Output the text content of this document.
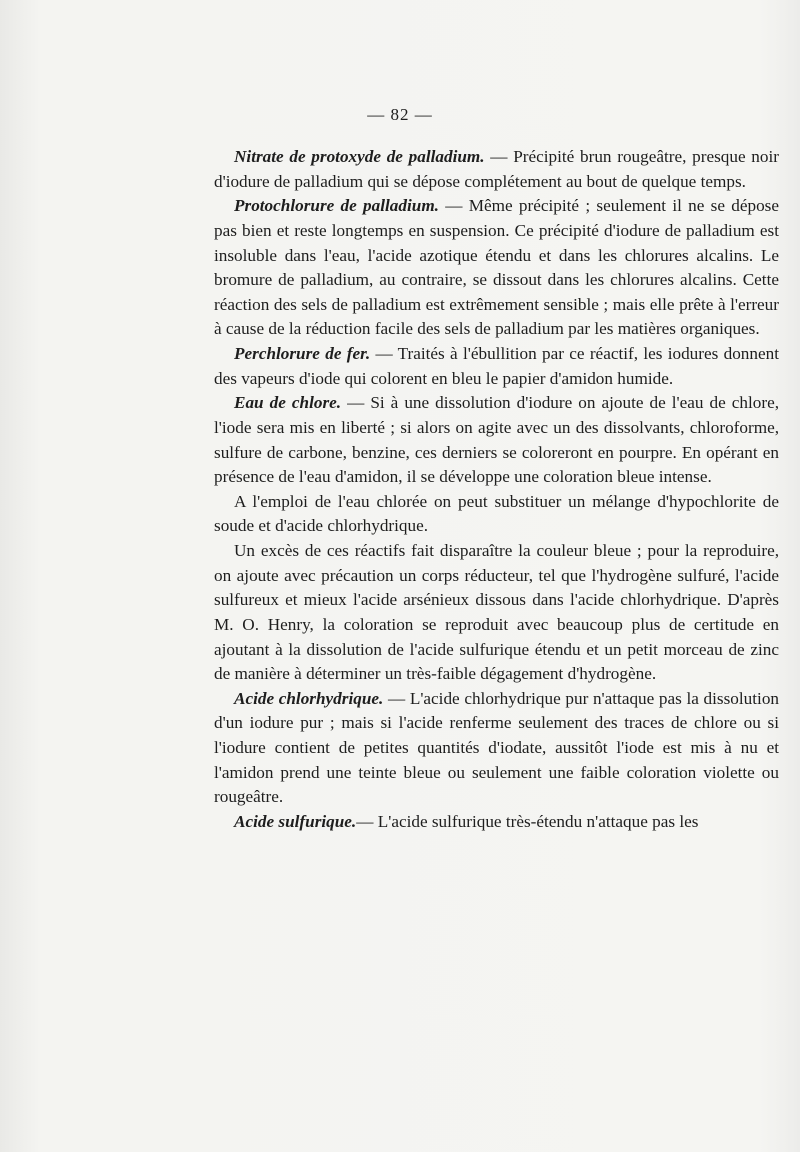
— 82 —

Nitrate de protoxyde de palladium. — Précipité brun rougeâtre, presque noir d'iodure de palladium qui se dépose complétement au bout de quelque temps.

Protochlorure de palladium. — Même précipité ; seulement il ne se dépose pas bien et reste longtemps en suspension. Ce précipité d'iodure de palladium est insoluble dans l'eau, l'acide azotique étendu et dans les chlorures alcalins. Le bromure de palladium, au contraire, se dissout dans les chlorures alcalins. Cette réaction des sels de palladium est extrêmement sensible ; mais elle prête à l'erreur à cause de la réduction facile des sels de palladium par les matières organiques.

Perchlorure de fer. — Traités à l'ébullition par ce réactif, les iodures donnent des vapeurs d'iode qui colorent en bleu le papier d'amidon humide.

Eau de chlore. — Si à une dissolution d'iodure on ajoute de l'eau de chlore, l'iode sera mis en liberté ; si alors on agite avec un des dissolvants, chloroforme, sulfure de carbone, benzine, ces derniers se coloreront en pourpre. En opérant en présence de l'eau d'amidon, il se développe une coloration bleue intense.

A l'emploi de l'eau chlorée on peut substituer un mélange d'hypochlorite de soude et d'acide chlorhydrique.

Un excès de ces réactifs fait disparaître la couleur bleue ; pour la reproduire, on ajoute avec précaution un corps réducteur, tel que l'hydrogène sulfuré, l'acide sulfureux et mieux l'acide arsénieux dissous dans l'acide chlorhydrique. D'après M. O. Henry, la coloration se reproduit avec beaucoup plus de certitude en ajoutant à la dissolution de l'acide sulfurique étendu et un petit morceau de zinc de manière à déterminer un très-faible dégagement d'hydrogène.

Acide chlorhydrique. — L'acide chlorhydrique pur n'attaque pas la dissolution d'un iodure pur ; mais si l'acide renferme seulement des traces de chlore ou si l'iodure contient de petites quantités d'iodate, aussitôt l'iode est mis à nu et l'amidon prend une teinte bleue ou seulement une faible coloration violette ou rougeâtre.

Acide sulfurique.— L'acide sulfurique très-étendu n'attaque pas les
